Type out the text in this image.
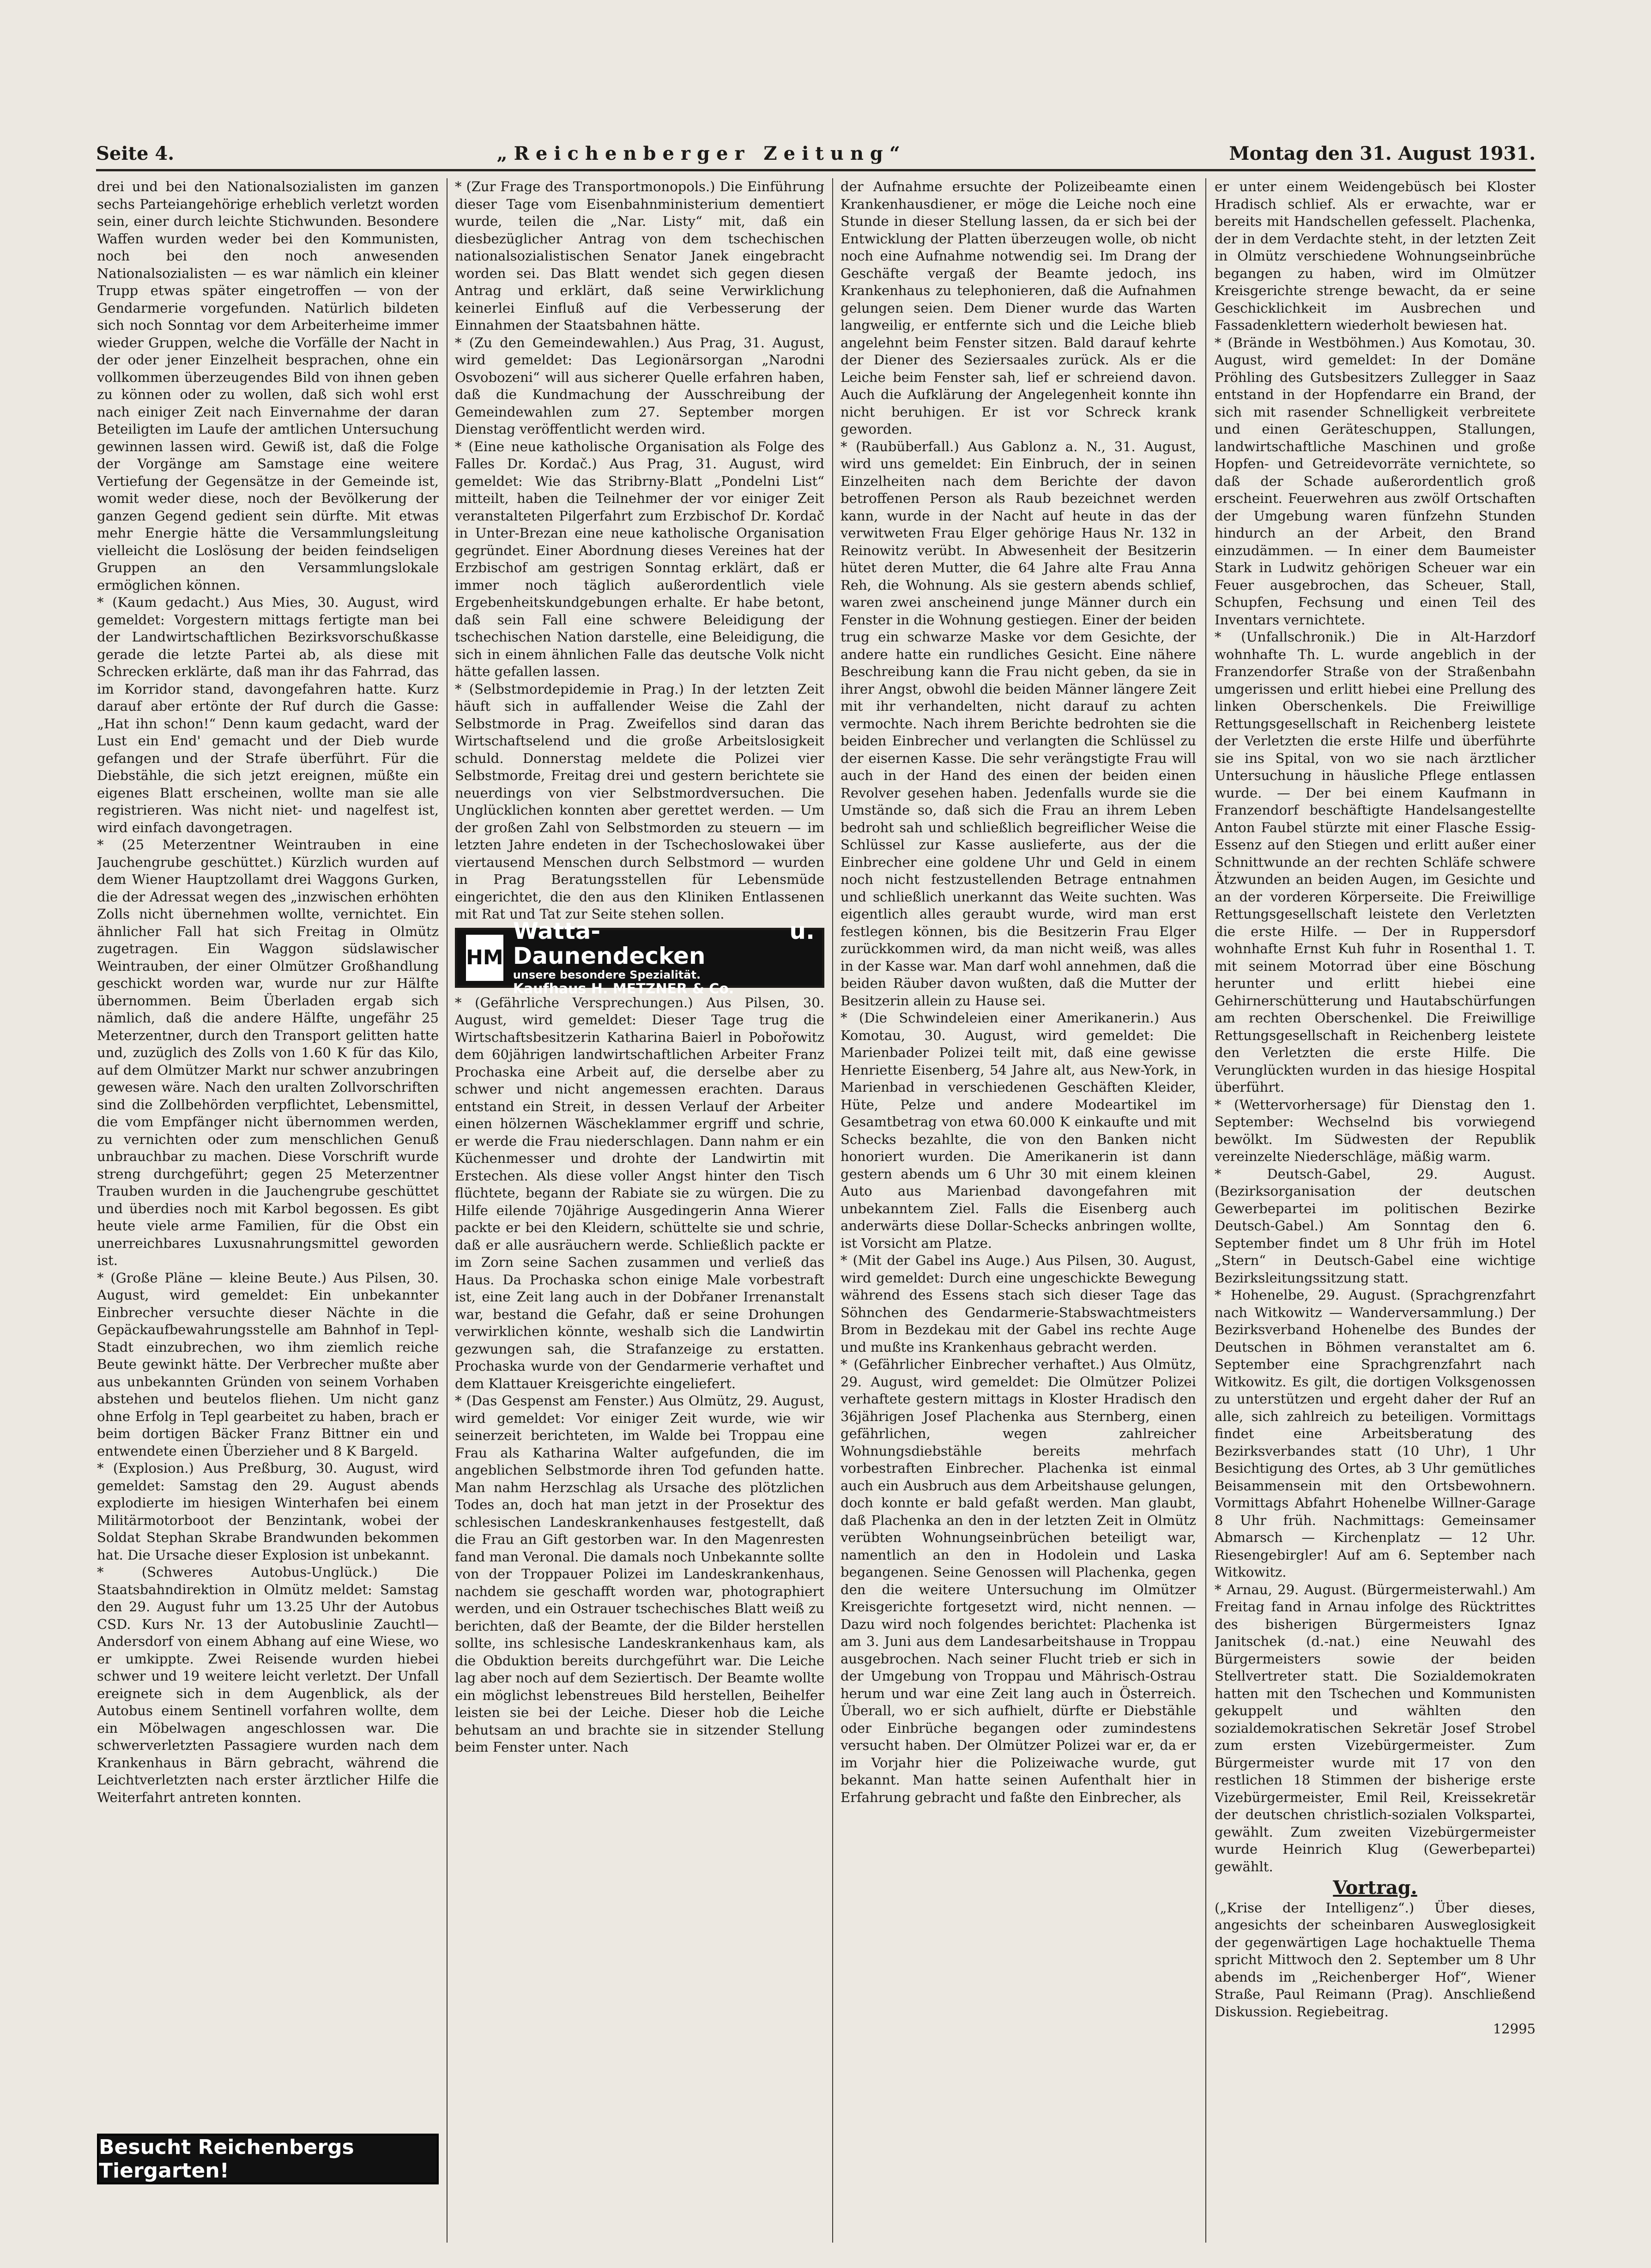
Seite 4.	„Reichenberger Zeitung“	Montag den 31. August 1931.

drei und bei den Nationalsozialisten im ganzen sechs Parteiangehörige erheblich verletzt worden sein, einer durch leichte Stichwunden. Besondere Waffen wurden weder bei den Kommunisten, noch bei den noch anwesenden Nationalsozialisten — es war nämlich ein kleiner Trupp etwas später eingetroffen — von der Gendarmerie vorgefunden. Natürlich bildeten sich noch Sonntag vor dem Arbeiterheime immer wieder Gruppen, welche die Vorfälle der Nacht in der oder jener Einzelheit besprachen, ohne ein vollkommen überzeugendes Bild von ihnen geben zu können oder zu wollen, daß sich wohl erst nach einiger Zeit nach Einvernahme der daran Beteiligten im Laufe der amtlichen Untersuchung gewinnen lassen wird. Gewiß ist, daß die Folge der Vorgänge am Samstage eine weitere Vertiefung der Gegensätze in der Gemeinde ist, womit weder diese, noch der Bevölkerung der ganzen Gegend gedient sein dürfte. Mit etwas mehr Energie hätte die Versammlungsleitung vielleicht die Loslösung der beiden feindseligen Gruppen an den Versammlungslokale ermöglichen können.

* (Kaum gedacht.) Aus Mies, 30. August, wird gemeldet: Vorgestern mittags fertigte man bei der Landwirtschaftlichen Bezirksvorschußkasse gerade die letzte Partei ab, als diese mit Schrecken erklärte, daß man ihr das Fahrrad, das im Korridor stand, davongefahren hatte. Kurz darauf aber ertönte der Ruf durch die Gasse: „Hat ihn schon!“ Denn kaum gedacht, ward der Lust ein End' gemacht und der Dieb wurde gefangen und der Strafe überführt. Für die Diebstähle, die sich jetzt ereignen, müßte ein eigenes Blatt erscheinen, wollte man sie alle registrieren. Was nicht niet- und nagelfest ist, wird einfach davongetragen.

* (25 Meterzentner Weintrauben in eine Jauchengrube geschüttet.) Kürzlich wurden auf dem Wiener Hauptzollamt drei Waggons Gurken, die der Adressat wegen des „inzwischen erhöhten Zolls nicht übernehmen wollte, vernichtet. Ein ähnlicher Fall hat sich Freitag in Olmütz zugetragen. Ein Waggon südslawischer Weintrauben, der einer Olmützer Großhandlung geschickt worden war, wurde nur zur Hälfte übernommen. Beim Überladen ergab sich nämlich, daß die andere Hälfte, ungefähr 25 Meterzentner, durch den Transport gelitten hatte und, zuzüglich des Zolls von 1.60 K für das Kilo, auf dem Olmützer Markt nur schwer anzubringen gewesen wäre. Nach den uralten Zollvorschriften sind die Zollbehörden verpflichtet, Lebensmittel, die vom Empfänger nicht übernommen werden, zu vernichten oder zum menschlichen Genuß unbrauchbar zu machen. Diese Vorschrift wurde streng durchgeführt; gegen 25 Meterzentner Trauben wurden in die Jauchengrube geschüttet und überdies noch mit Karbol begossen. Es gibt heute viele arme Familien, für die Obst ein unerreichbares Luxusnahrungsmittel geworden ist.

* (Große Pläne — kleine Beute.) Aus Pilsen, 30. August, wird gemeldet: Ein unbekannter Einbrecher versuchte dieser Nächte in die Gepäckaufbewahrungsstelle am Bahnhof in Tepl-Stadt einzubrechen, wo ihm ziemlich reiche Beute gewinkt hätte. Der Verbrecher mußte aber aus unbekannten Gründen von seinem Vorhaben abstehen und beutelos fliehen. Um nicht ganz ohne Erfolg in Tepl gearbeitet zu haben, brach er beim dortigen Bäcker Franz Bittner ein und entwendete einen Überzieher und 8 K Bargeld.

* (Explosion.) Aus Preßburg, 30. August, wird gemeldet: Samstag den 29. August abends explodierte im hiesigen Winterhafen bei einem Militärmotorboot der Benzintank, wobei der Soldat Stephan Skrabe Brandwunden bekommen hat. Die Ursache dieser Explosion ist unbekannt.

* (Schweres Autobus-Unglück.) Die Staatsbahndirektion in Olmütz meldet: Samstag den 29. August fuhr um 13.25 Uhr der Autobus CSD. Kurs Nr. 13 der Autobuslinie Zauchtl—Andersdorf von einem Abhang auf eine Wiese, wo er umkippte. Zwei Reisende wurden hiebei schwer und 19 weitere leicht verletzt. Der Unfall ereignete sich in dem Augenblick, als der Autobus einem Sentinell vorfahren wollte, dem ein Möbelwagen angeschlossen war. Die schwerverletzten Passagiere wurden nach dem Krankenhaus in Bärn gebracht, während die Leichtverletzten nach erster ärztlicher Hilfe die Weiterfahrt antreten konnten.

Besucht Reichenbergs Tiergarten!

* (Zur Frage des Transportmonopols.) Die Einführung dieser Tage vom Eisenbahnministerium dementiert wurde, teilen die „Nar. Listy“ mit, daß ein diesbezüglicher Antrag von dem tschechischen nationalsozialistischen Senator Janek eingebracht worden sei. Das Blatt wendet sich gegen diesen Antrag und erklärt, daß seine Verwirklichung keinerlei Einfluß auf die Verbesserung der Einnahmen der Staatsbahnen hätte.

* (Zu den Gemeindewahlen.) Aus Prag, 31. August, wird gemeldet: Das Legionärsorgan „Narodni Osvobozeni“ will aus sicherer Quelle erfahren haben, daß die Kundmachung der Ausschreibung der Gemeindewahlen zum 27. September morgen Dienstag veröffentlicht werden wird.

* (Eine neue katholische Organisation als Folge des Falles Dr. Kordač.) Aus Prag, 31. August, wird gemeldet: Wie das Stribrny-Blatt „Pondelni List“ mitteilt, haben die Teilnehmer der vor einiger Zeit veranstalteten Pilgerfahrt zum Erzbischof Dr. Kordač in Unter-Brezan eine neue katholische Organisation gegründet. Einer Abordnung dieses Vereines hat der Erzbischof am gestrigen Sonntag erklärt, daß er immer noch täglich außerordentlich viele Ergebenheitskundgebungen erhalte. Er habe betont, daß sein Fall eine schwere Beleidigung der tschechischen Nation darstelle, eine Beleidigung, die sich in einem ähnlichen Falle das deutsche Volk nicht hätte gefallen lassen.

* (Selbstmordepidemie in Prag.) In der letzten Zeit häuft sich in auffallender Weise die Zahl der Selbstmorde in Prag. Zweifellos sind daran das Wirtschaftselend und die große Arbeitslosigkeit schuld. Donnerstag meldete die Polizei vier Selbstmorde, Freitag drei und gestern berichtete sie neuerdings von vier Selbstmordversuchen. Die Unglücklichen konnten aber gerettet werden. — Um der großen Zahl von Selbstmorden zu steuern — im letzten Jahre endeten in der Tschechoslowakei über viertausend Menschen durch Selbstmord — wurden in Prag Beratungsstellen für Lebensmüde eingerichtet, die den aus den Kliniken Entlassenen mit Rat und Tat zur Seite stehen sollen.

HM
Watta- u. Daunendecken
unsere besondere Spezialität.
Kaufhaus H. METZNER & Co.

* (Gefährliche Versprechungen.) Aus Pilsen, 30. August, wird gemeldet: Dieser Tage trug die Wirtschaftsbesitzerin Katharina Baierl in Pobořowitz dem 60jährigen landwirtschaftlichen Arbeiter Franz Prochaska eine Arbeit auf, die derselbe aber zu schwer und nicht angemessen erachten. Daraus entstand ein Streit, in dessen Verlauf der Arbeiter einen hölzernen Wäscheklammer ergriff und schrie, er werde die Frau niederschlagen. Dann nahm er ein Küchenmesser und drohte der Landwirtin mit Erstechen. Als diese voller Angst hinter den Tisch flüchtete, begann der Rabiate sie zu würgen. Die zu Hilfe eilende 70jährige Ausgedingerin Anna Wierer packte er bei den Kleidern, schüttelte sie und schrie, daß er alle ausräuchern werde. Schließlich packte er im Zorn seine Sachen zusammen und verließ das Haus. Da Prochaska schon einige Male vorbestraft ist, eine Zeit lang auch in der Dobřaner Irrenanstalt war, bestand die Gefahr, daß er seine Drohungen verwirklichen könnte, weshalb sich die Landwirtin gezwungen sah, die Strafanzeige zu erstatten. Prochaska wurde von der Gendarmerie verhaftet und dem Klattauer Kreisgerichte eingeliefert.

* (Das Gespenst am Fenster.) Aus Olmütz, 29. August, wird gemeldet: Vor einiger Zeit wurde, wie wir seinerzeit berichteten, im Walde bei Troppau eine Frau als Katharina Walter aufgefunden, die im angeblichen Selbstmorde ihren Tod gefunden hatte. Man nahm Herzschlag als Ursache des plötzlichen Todes an, doch hat man jetzt in der Prosektur des schlesischen Landeskrankenhauses festgestellt, daß die Frau an Gift gestorben war. In den Magenresten fand man Veronal. Die damals noch Unbekannte sollte von der Troppauer Polizei im Landeskrankenhaus, nachdem sie geschafft worden war, photographiert werden, und ein Ostrauer tschechisches Blatt weiß zu berichten, daß der Beamte, der die Bilder herstellen sollte, ins schlesische Landeskrankenhaus kam, als die Obduktion bereits durchgeführt war. Die Leiche lag aber noch auf dem Seziertisch. Der Beamte wollte ein möglichst lebenstreues Bild herstellen, Beihelfer leisten sie bei der Leiche. Dieser hob die Leiche behutsam an und brachte sie in sitzender Stellung beim Fenster unter. Nach

der Aufnahme ersuchte der Polizeibeamte einen Krankenhausdiener, er möge die Leiche noch eine Stunde in dieser Stellung lassen, da er sich bei der Entwicklung der Platten überzeugen wolle, ob nicht noch eine Aufnahme notwendig sei. Im Drang der Geschäfte vergaß der Beamte jedoch, ins Krankenhaus zu telephonieren, daß die Aufnahmen gelungen seien. Dem Diener wurde das Warten langweilig, er entfernte sich und die Leiche blieb angelehnt beim Fenster sitzen. Bald darauf kehrte der Diener des Seziersaales zurück. Als er die Leiche beim Fenster sah, lief er schreiend davon. Auch die Aufklärung der Angelegenheit konnte ihn nicht beruhigen. Er ist vor Schreck krank geworden.

* (Raubüberfall.) Aus Gablonz a. N., 31. August, wird uns gemeldet: Ein Einbruch, der in seinen Einzelheiten nach dem Berichte der davon betroffenen Person als Raub bezeichnet werden kann, wurde in der Nacht auf heute in das der verwitweten Frau Elger gehörige Haus Nr. 132 in Reinowitz verübt. In Abwesenheit der Besitzerin hütet deren Mutter, die 64 Jahre alte Frau Anna Reh, die Wohnung. Als sie gestern abends schlief, waren zwei anscheinend junge Männer durch ein Fenster in die Wohnung gestiegen. Einer der beiden trug ein schwarze Maske vor dem Gesichte, der andere hatte ein rundliches Gesicht. Eine nähere Beschreibung kann die Frau nicht geben, da sie in ihrer Angst, obwohl die beiden Männer längere Zeit mit ihr verhandelten, nicht darauf zu achten vermochte. Nach ihrem Berichte bedrohten sie die beiden Einbrecher und verlangten die Schlüssel zu der eisernen Kasse. Die sehr verängstigte Frau will auch in der Hand des einen der beiden einen Revolver gesehen haben. Jedenfalls wurde sie die Umstände so, daß sich die Frau an ihrem Leben bedroht sah und schließlich begreiflicher Weise die Schlüssel zur Kasse auslieferte, aus der die Einbrecher eine goldene Uhr und Geld in einem noch nicht festzustellenden Betrage entnahmen und schließlich unerkannt das Weite suchten. Was eigentlich alles geraubt wurde, wird man erst festlegen können, bis die Besitzerin Frau Elger zurückkommen wird, da man nicht weiß, was alles in der Kasse war. Man darf wohl annehmen, daß die beiden Räuber davon wußten, daß die Mutter der Besitzerin allein zu Hause sei.

* (Die Schwindeleien einer Amerikanerin.) Aus Komotau, 30. August, wird gemeldet: Die Marienbader Polizei teilt mit, daß eine gewisse Henriette Eisenberg, 54 Jahre alt, aus New-York, in Marienbad in verschiedenen Geschäften Kleider, Hüte, Pelze und andere Modeartikel im Gesamtbetrag von etwa 60.000 K einkaufte und mit Schecks bezahlte, die von den Banken nicht honoriert wurden. Die Amerikanerin ist dann gestern abends um 6 Uhr 30 mit einem kleinen Auto aus Marienbad davongefahren mit unbekanntem Ziel. Falls die Eisenberg auch anderwärts diese Dollar-Schecks anbringen wollte, ist Vorsicht am Platze.

* (Mit der Gabel ins Auge.) Aus Pilsen, 30. August, wird gemeldet: Durch eine ungeschickte Bewegung während des Essens stach sich dieser Tage das Söhnchen des Gendarmerie-Stabswachtmeisters Brom in Bezdekau mit der Gabel ins rechte Auge und mußte ins Krankenhaus gebracht werden.

* (Gefährlicher Einbrecher verhaftet.) Aus Olmütz, 29. August, wird gemeldet: Die Olmützer Polizei verhaftete gestern mittags in Kloster Hradisch den 36jährigen Josef Plachenka aus Sternberg, einen gefährlichen, wegen zahlreicher Wohnungsdiebstähle bereits mehrfach vorbestraften Einbrecher. Plachenka ist einmal auch ein Ausbruch aus dem Arbeitshause gelungen, doch konnte er bald gefaßt werden. Man glaubt, daß Plachenka an den in der letzten Zeit in Olmütz verübten Wohnungseinbrüchen beteiligt war, namentlich an den in Hodolein und Laska begangenen. Seine Genossen will Plachenka, gegen den die weitere Untersuchung im Olmützer Kreisgerichte fortgesetzt wird, nicht nennen. — Dazu wird noch folgendes berichtet: Plachenka ist am 3. Juni aus dem Landesarbeitshause in Troppau ausgebrochen. Nach seiner Flucht trieb er sich in der Umgebung von Troppau und Mährisch-Ostrau herum und war eine Zeit lang auch in Österreich. Überall, wo er sich aufhielt, dürfte er Diebstähle oder Einbrüche begangen oder zumindestens versucht haben. Der Olmützer Polizei war er, da er im Vorjahr hier die Polizeiwache wurde, gut bekannt. Man hatte seinen Aufenthalt hier in Erfahrung gebracht und faßte den Einbrecher, als

er unter einem Weidengebüsch bei Kloster Hradisch schlief. Als er erwachte, war er bereits mit Handschellen gefesselt. Plachenka, der in dem Verdachte steht, in der letzten Zeit in Olmütz verschiedene Wohnungseinbrüche begangen zu haben, wird im Olmützer Kreisgerichte strenge bewacht, da er seine Geschicklichkeit im Ausbrechen und Fassadenklettern wiederholt bewiesen hat.

* (Brände in Westböhmen.) Aus Komotau, 30. August, wird gemeldet: In der Domäne Pröhling des Gutsbesitzers Zullegger in Saaz entstand in der Hopfendarre ein Brand, der sich mit rasender Schnelligkeit verbreitete und einen Geräteschuppen, Stallungen, landwirtschaftliche Maschinen und große Hopfen- und Getreidevorräte vernichtete, so daß der Schade außerordentlich groß erscheint. Feuerwehren aus zwölf Ortschaften der Umgebung waren fünfzehn Stunden hindurch an der Arbeit, den Brand einzudämmen. — In einer dem Baumeister Stark in Ludwitz gehörigen Scheuer war ein Feuer ausgebrochen, das Scheuer, Stall, Schupfen, Fechsung und einen Teil des Inventars vernichtete.

* (Unfallschronik.) Die in Alt-Harzdorf wohnhafte Th. L. wurde angeblich in der Franzendorfer Straße von der Straßenbahn umgerissen und erlitt hiebei eine Prellung des linken Oberschenkels. Die Freiwillige Rettungsgesellschaft in Reichenberg leistete der Verletzten die erste Hilfe und überführte sie ins Spital, von wo sie nach ärztlicher Untersuchung in häusliche Pflege entlassen wurde. — Der bei einem Kaufmann in Franzendorf beschäftigte Handelsangestellte Anton Faubel stürzte mit einer Flasche Essig-Essenz auf den Stiegen und erlitt außer einer Schnittwunde an der rechten Schläfe schwere Ätzwunden an beiden Augen, im Gesichte und an der vorderen Körperseite. Die Freiwillige Rettungsgesellschaft leistete den Verletzten die erste Hilfe. — Der in Ruppersdorf wohnhafte Ernst Kuh fuhr in Rosenthal 1. T. mit seinem Motorrad über eine Böschung herunter und erlitt hiebei eine Gehirnerschütterung und Hautabschürfungen am rechten Oberschenkel. Die Freiwillige Rettungsgesellschaft in Reichenberg leistete den Verletzten die erste Hilfe. Die Verunglückten wurden in das hiesige Hospital überführt.

* (Wettervorhersage) für Dienstag den 1. September: Wechselnd bis vorwiegend bewölkt. Im Südwesten der Republik vereinzelte Niederschläge, mäßig warm.

* Deutsch-Gabel, 29. August. (Bezirksorganisation der deutschen Gewerbepartei im politischen Bezirke Deutsch-Gabel.) Am Sonntag den 6. September findet um 8 Uhr früh im Hotel „Stern“ in Deutsch-Gabel eine wichtige Bezirksleitungssitzung statt.

* Hohenelbe, 29. August. (Sprachgrenzfahrt nach Witkowitz — Wanderversammlung.) Der Bezirksverband Hohenelbe des Bundes der Deutschen in Böhmen veranstaltet am 6. September eine Sprachgrenzfahrt nach Witkowitz. Es gilt, die dortigen Volksgenossen zu unterstützen und ergeht daher der Ruf an alle, sich zahlreich zu beteiligen. Vormittags findet eine Arbeitsberatung des Bezirksverbandes statt (10 Uhr), 1 Uhr Besichtigung des Ortes, ab 3 Uhr gemütliches Beisammensein mit den Ortsbewohnern. Vormittags Abfahrt Hohenelbe Willner-Garage 8 Uhr früh. Nachmittags: Gemeinsamer Abmarsch — Kirchenplatz — 12 Uhr. Riesengebirgler! Auf am 6. September nach Witkowitz.

* Arnau, 29. August. (Bürgermeisterwahl.) Am Freitag fand in Arnau infolge des Rücktrittes des bisherigen Bürgermeisters Ignaz Janitschek (d.-nat.) eine Neuwahl des Bürgermeisters sowie der beiden Stellvertreter statt. Die Sozialdemokraten hatten mit den Tschechen und Kommunisten gekuppelt und wählten den sozialdemokratischen Sekretär Josef Strobel zum ersten Vizebürgermeister. Zum Bürgermeister wurde mit 17 von den restlichen 18 Stimmen der bisherige erste Vizebürgermeister, Emil Reil, Kreissekretär der deutschen christlich-sozialen Volkspartei, gewählt. Zum zweiten Vizebürgermeister wurde Heinrich Klug (Gewerbepartei) gewählt.

Vortrag.

(„Krise der Intelligenz“.) Über dieses, angesichts der scheinbaren Ausweglosigkeit der gegenwärtigen Lage hochaktuelle Thema spricht Mittwoch den 2. September um 8 Uhr abends im „Reichenberger Hof“, Wiener Straße, Paul Reimann (Prag). Anschließend Diskussion. Regiebeitrag.

12995
